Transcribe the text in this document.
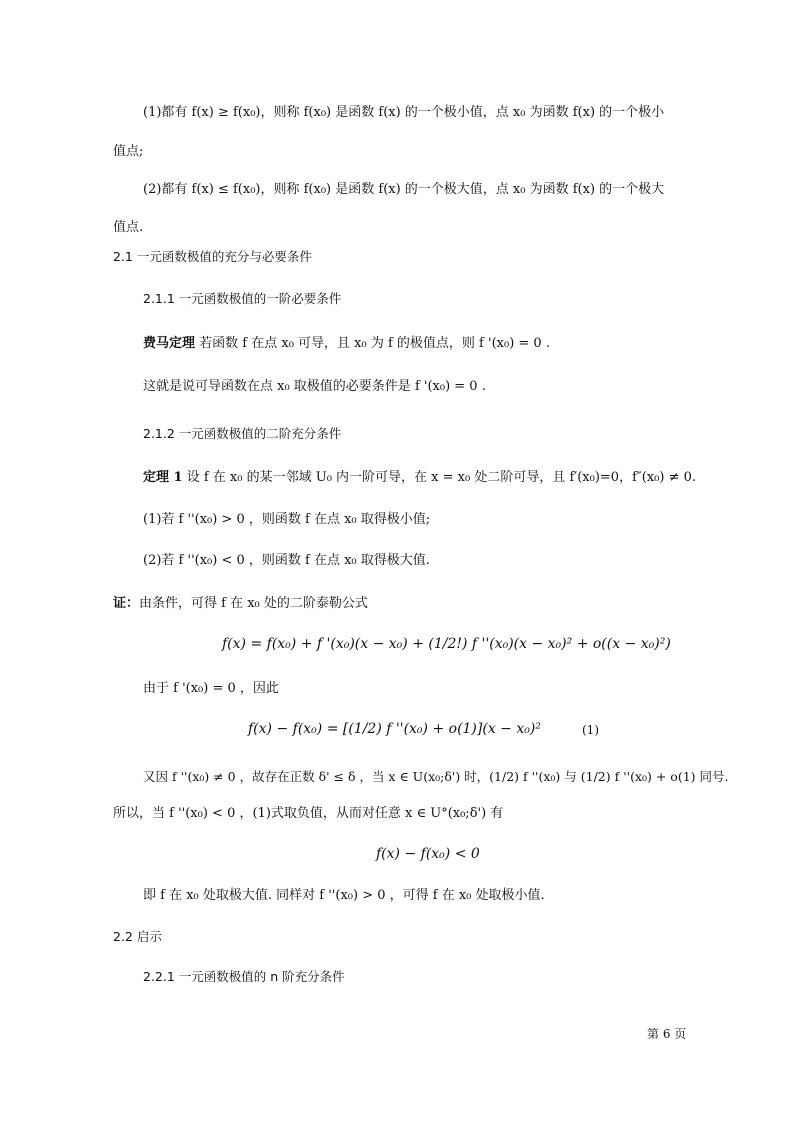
(1)都有 f(x) ≥ f(x₀)，则称 f(x₀) 是函数 f(x) 的一个极小值，点 x₀ 为函数 f(x) 的一个极小
值点;
(2)都有 f(x) ≤ f(x₀)，则称 f(x₀) 是函数 f(x) 的一个极大值，点 x₀ 为函数 f(x) 的一个极大
值点.
2.1 一元函数极值的充分与必要条件
2.1.1 一元函数极值的一阶必要条件
费马定理 若函数 f 在点 x₀ 可导，且 x₀ 为 f 的极值点，则 f '(x₀) = 0 .
这就是说可导函数在点 x₀ 取极值的必要条件是 f '(x₀) = 0 .
2.1.2 一元函数极值的二阶充分条件
定理 1 设 f 在 x₀ 的某一邻域 U₀ 内一阶可导，在 x = x₀ 处二阶可导，且 f′(x₀)=0，f″(x₀) ≠ 0.
(1)若 f ''(x₀) > 0 ，则函数 f 在点 x₀ 取得极小值;
(2)若 f ''(x₀) < 0 ，则函数 f 在点 x₀ 取得极大值.
证：由条件，可得 f 在 x₀ 处的二阶泰勒公式
f(x) = f(x₀) + f '(x₀)(x − x₀) + (1/2!) f ''(x₀)(x − x₀)² + o((x − x₀)²)
由于 f '(x₀) = 0 ，因此
f(x) − f(x₀) = [(1/2) f ''(x₀) + o(1)](x − x₀)²	(1)
又因 f ''(x₀) ≠ 0 ，故存在正数 δ' ≤ δ ，当 x ∈ U(x₀;δ') 时，(1/2) f ''(x₀) 与 (1/2) f ''(x₀) + o(1) 同号.
所以，当 f ''(x₀) < 0 ，(1)式取负值，从而对任意 x ∈ U°(x₀;δ') 有
f(x) − f(x₀) < 0
即 f 在 x₀ 处取极大值. 同样对 f ''(x₀) > 0 ，可得 f 在 x₀ 处取极小值.
2.2 启示
2.2.1 一元函数极值的 n 阶充分条件
第 6 页
